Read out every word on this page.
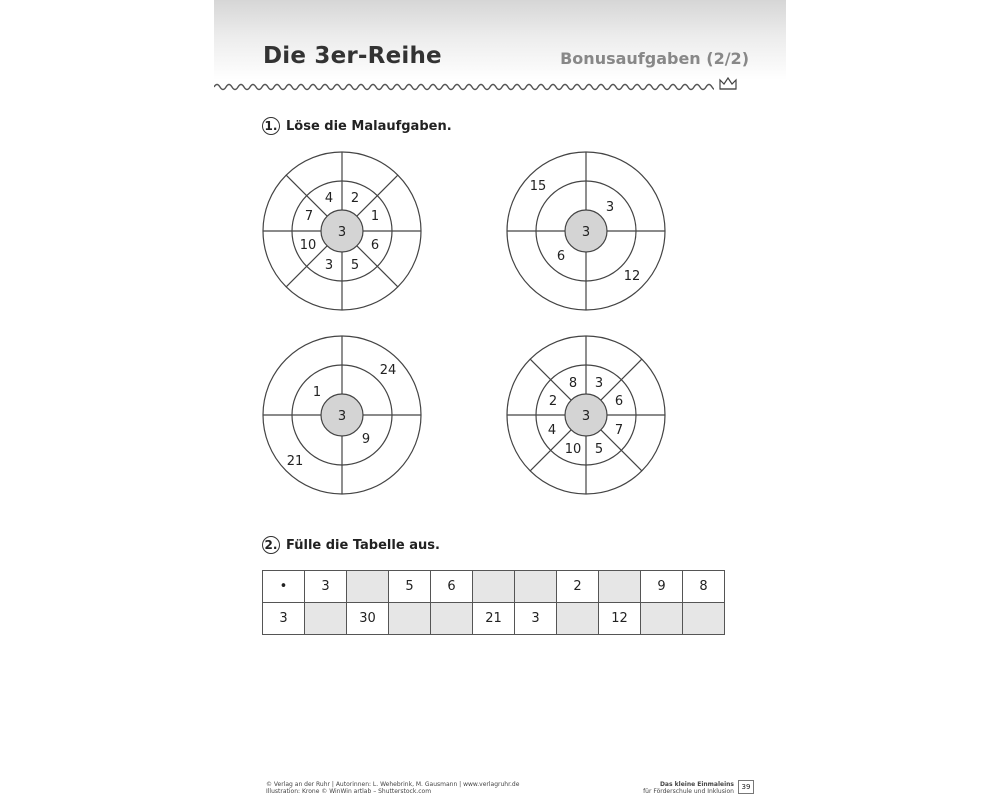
Die 3er-Reihe	Bonusaufgaben (2/2)
1. Löse die Malaufgaben.
3
4 2
7	1
10	6
3 5
3
15
3
6
12
3
24
1
9
21
3
8 3
2	6
4	7
10 5
2. Fülle die Tabelle aus.
•	3		5	6			2		9	8
3		30			21	3		12		
© Verlag an der Ruhr | Autorinnen: L. Wehebrink, M. Gausmann | www.verlagruhr.de
Illustration: Krone © WinWin artlab – Shutterstock.com
Das kleine Einmaleins
für Förderschule und Inklusion
39
